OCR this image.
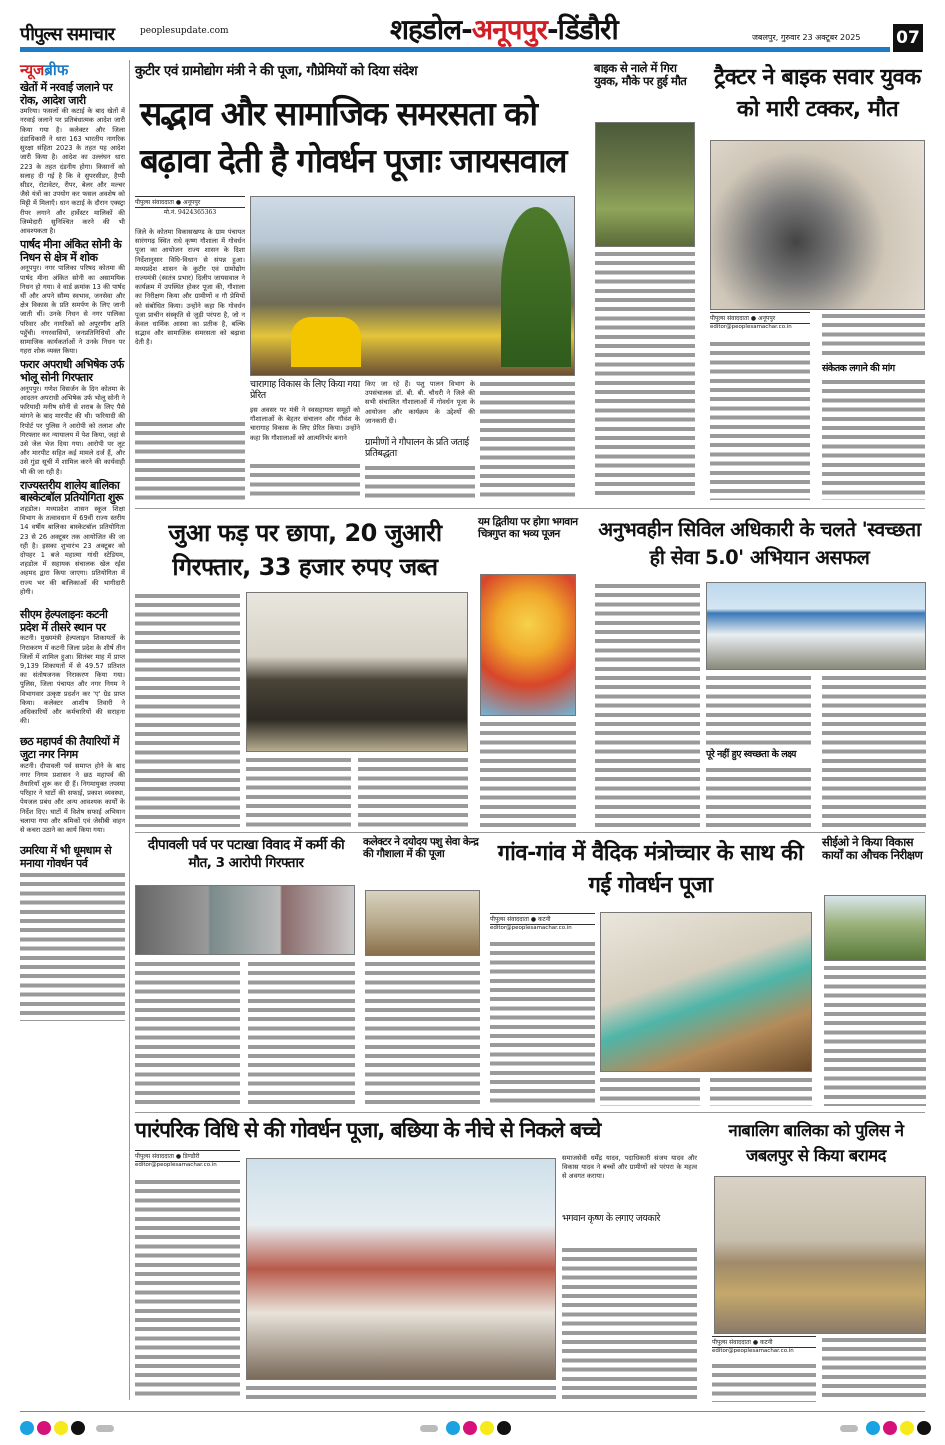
पीपुल्स समाचार	peoplesupdate.com	शहडोल-अनूपपुर-डिंडौरी	जबलपुर, गुरुवार 23 अक्टूबर 2025 07
न्यूजब्रीफ
खेतों में नरवाई जलाने पर रोक, आदेश जारी
उमरिया। फसलों की कटाई के बाद खेतों में नरवाई जलाने पर प्रतिबंधात्मक आदेश जारी किया गया है। कलेक्टर और जिला दंडाधिकारी ने धारा 163 भारतीय नागरिक सुरक्षा संहिता 2023 के तहत यह आदेश जारी किया है। आदेश का उल्लंघन धारा 223 के तहत दंडनीय होगा। किसानों को सलाह दी गई है कि वे सुपरसीडर, हैप्पी सीडर, रोटावेटर, रीपर, बेलर और मल्चर जैसे यंत्रों का उपयोग कर फसल अवशेष को मिट्टी में मिलाएँ। धान कटाई के दौरान एक्स्ट्रा रीपर लगाने और हार्वेस्टर मालिकों की जिम्मेदारी सुनिश्चित करने की भी आवश्यकता है।
पार्षद मीना अंकित सोनी के निधन से क्षेत्र में शोक
अनूपपुर। नगर पालिका परिषद कोतमा की पार्षद मीना अंकित सोनी का असामयिक निधन हो गया। वे वार्ड क्रमांक 13 की पार्षद थीं और अपने सौम्य स्वभाव, जनसेवा और क्षेत्र विकास के प्रति समर्पण के लिए जानी जाती थीं। उनके निधन से नगर पालिका परिवार और नागरिकों को अपूरणीय क्षति पहुँची। नगरवासियों, जनप्रतिनिधियों और सामाजिक कार्यकर्ताओं ने उनके निधन पर गहरा शोक व्यक्त किया।
फरार अपराधी अभिषेक उर्फ भोलू सोनी गिरफ्तार
अनूपपुर। गणेश विसर्जन के दिन कोतमा के आदतन अपराधी अभिषेक उर्फ भोलू सोनी ने फरियादी मनीष सोनी से शराब के लिए पैसे मांगने के बाद मारपीट की थी। फरियादी की रिपोर्ट पर पुलिस ने आरोपी को तलाश और गिरफ्तार कर न्यायालय में पेश किया, जहां से उसे जेल भेज दिया गया। आरोपी पर लूट और मारपीट सहित कई मामले दर्ज हैं, और उसे गुंडा सूची में शामिल करने की कार्यवाही भी की जा रही है।
राज्यस्तरीय शालेय बालिका बास्केटबॉल प्रतियोगिता शुरू
शहडोल। मध्यप्रदेश शासन स्कूल शिक्षा विभाग के तत्वावधान में 69वीं राज्य स्तरीय 14 वर्षीय बालिका बास्केटबॉल प्रतियोगिता 23 से 26 अक्टूबर तक आयोजित की जा रही है। इसका शुभारंभ 23 अक्टूबर को दोपहर 1 बजे महात्मा गांधी स्टेडियम, शहडोल में सहायक संचालक खेल रईस अहमद द्वारा किया जाएगा। प्रतियोगिता में राज्य भर की बालिकाओं की भागीदारी होगी।
सीएम हेल्पलाइनः कटनी प्रदेश में तीसरे स्थान पर
कटनी। मुख्यमंत्री हेल्पलाइन शिकायतों के निराकरण में कटनी जिला प्रदेश के शीर्ष तीन जिलों में शामिल हुआ। सितंबर माह में प्राप्त 9,139 शिकायतों में से 49.57 प्रतिशत का संतोषजनक निराकरण किया गया। पुलिस, जिला पंचायत और नगर निगम ने विभागवार उत्कृष्ट प्रदर्शन कर 'ए' ग्रेड प्राप्त किया। कलेक्टर आशीष तिवारी ने अधिकारियों और कर्मचारियों की सराहना की।
छठ महापर्व की तैयारियों में जुटा नगर निगम
कटनी। दीपावली पर्व समाप्त होने के बाद नगर निगम प्रशासन ने छठ महापर्व की तैयारियाँ शुरू कर दी हैं। निगमायुक्त तपस्या परिहार ने घाटों की सफाई, प्रकाश व्यवस्था, पेयजल प्रबंध और अन्य आवश्यक कार्यों के निर्देश दिए। घाटों में विशेष सफाई अभियान चलाया गया और श्रमिकों एवं जेसीबी वाहन से कचरा उठाने का कार्य किया गया।
उमरिया में भी धूमधाम से मनाया गोवर्धन पर्व
कुटीर एवं ग्रामोद्योग मंत्री ने की पूजा, गौप्रेमियों को दिया संदेश
सद्भाव और सामाजिक समरसता को बढ़ावा देती है गोवर्धन पूजाः जायसवाल
पीपुल्स संवाददाता ● अनूपपुर
मो.नं. 9424365363
जिले के कोतमा विकासखण्ड के ग्राम पंचायत सारंगगढ़ स्थित राधे कृष्ण गौशाला में गोवर्धन पूजा का आयोजन राज्य शासन के दिशा निर्देशानुसार विधि-विधान से संपन्न हुआ। मध्यप्रदेश शासन के कुटीर एवं ग्रामोद्योग राज्यमंत्री (स्वतंत्र प्रभार) दिलीप जायसवाल ने कार्यक्रम में उपस्थित होकर पूजा की, गौशाला का निरीक्षण किया और ग्रामीणों व गौ प्रेमियों को संबोधित किया। उन्होंने कहा कि गोवर्धन पूजा प्राचीन संस्कृति से जुड़ी परंपरा है, जो न केवल धार्मिक आस्था का प्रतीक है, बल्कि सद्भाव और सामाजिक समरसता को बढ़ावा देती है।
चारागाह विकास के लिए किया गया प्रेरित
इस अवसर पर मंत्री ने स्वसहायता समूहों को गौशालाओं के बेहतर संचालन और गौवंश के चारागाह विकास के लिए प्रेरित किया। उन्होंने कहा कि गौशालाओं को आत्मनिर्भर बनाने
किए जा रहे हैं। पशु पालन विभाग के उपसंचालक डॉ. बी. बी. चौधरी ने जिले की सभी संचालित गौशालाओं में गोवर्धन पूजा के आयोजन और कार्यक्रम के उद्देश्यों की जानकारी दी।
ग्रामीणों ने गौपालन के प्रति जताई प्रतिबद्धता
बाइक से नाले में गिरा युवक, मौके पर हुई मौत	ट्रैक्टर ने बाइक सवार युवक को मारी टक्कर, मौत
पीपुल्स संवाददाता ● अनूपपुर
editor@peoplesamachar.co.in
संकेतक लगाने की मांग
जुआ फड़ पर छापा, 20 जुआरी गिरफ्तार, 33 हजार रुपए जब्त
यम द्वितीया पर होगा भगवान चित्रगुप्त का भव्य पूजन	अनुभवहीन सिविल अधिकारी के चलते 'स्वच्छता ही सेवा 5.0' अभियान असफल
पूरे नहीं हुए स्वच्छता के लक्ष्य
दीपावली पर्व पर पटाखा विवाद में कर्मी की मौत, 3 आरोपी गिरफ्तार
कलेक्टर ने दयोदय पशु सेवा केन्द्र की गौशाला में की पूजा	गांव-गांव में वैदिक मंत्रोच्चार के साथ की गई गोवर्धन पूजा
पीपुल्स संवाददाता ● कटनी
editor@peoplesamachar.co.in
सीईओ ने किया विकास कार्यों का औचक निरीक्षण
पारंपरिक विधि से की गोवर्धन पूजा, बछिया के नीचे से निकले बच्चे
पीपुल्स संवाददाता ● डिण्डौरी
editor@peoplesamachar.co.in
समाजसेवी धर्मेंद्र यादव, पदाधिकारी संजय यादव और विकास यादव ने बच्चों और ग्रामीणों को परंपरा के महत्व से अवगत कराया।
भगवान कृष्ण के लगाए जयकारे
नाबालिग बालिका को पुलिस ने जबलपुर से किया बरामद
पीपुल्स संवाददाता ● कटनी
editor@peoplesamachar.co.in
